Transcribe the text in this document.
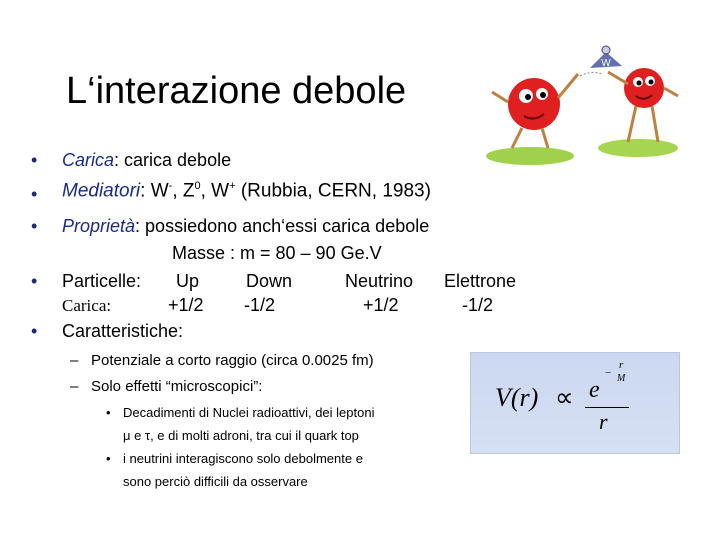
L‘interazione debole
W
• Carica: carica debole
• Mediatori: W-, $Z^0$, W+ (Rubbia, CERN, 1983)
• Proprietà: possiedono anch‘essi carica debole
Masse : m = 80 – 90 Ge.V
• Particelle: Up	Down	Neutrino Elettrone
Carica:	+1/2 -1/2	+1/2	-1/2
• Caratteristiche:
– Potenziale a corto raggio (circa 0.0025 fm)
– Solo effetti “microscopici”:
• Decadimenti di Nuclei radioattivi, dei leptoni
μ e τ, e di molti adroni, tra cui il quark top
• i neutrini interagiscono solo debolmente e
sono perciò difficili da osservare
V(r) ∝ e
r
− M
r
